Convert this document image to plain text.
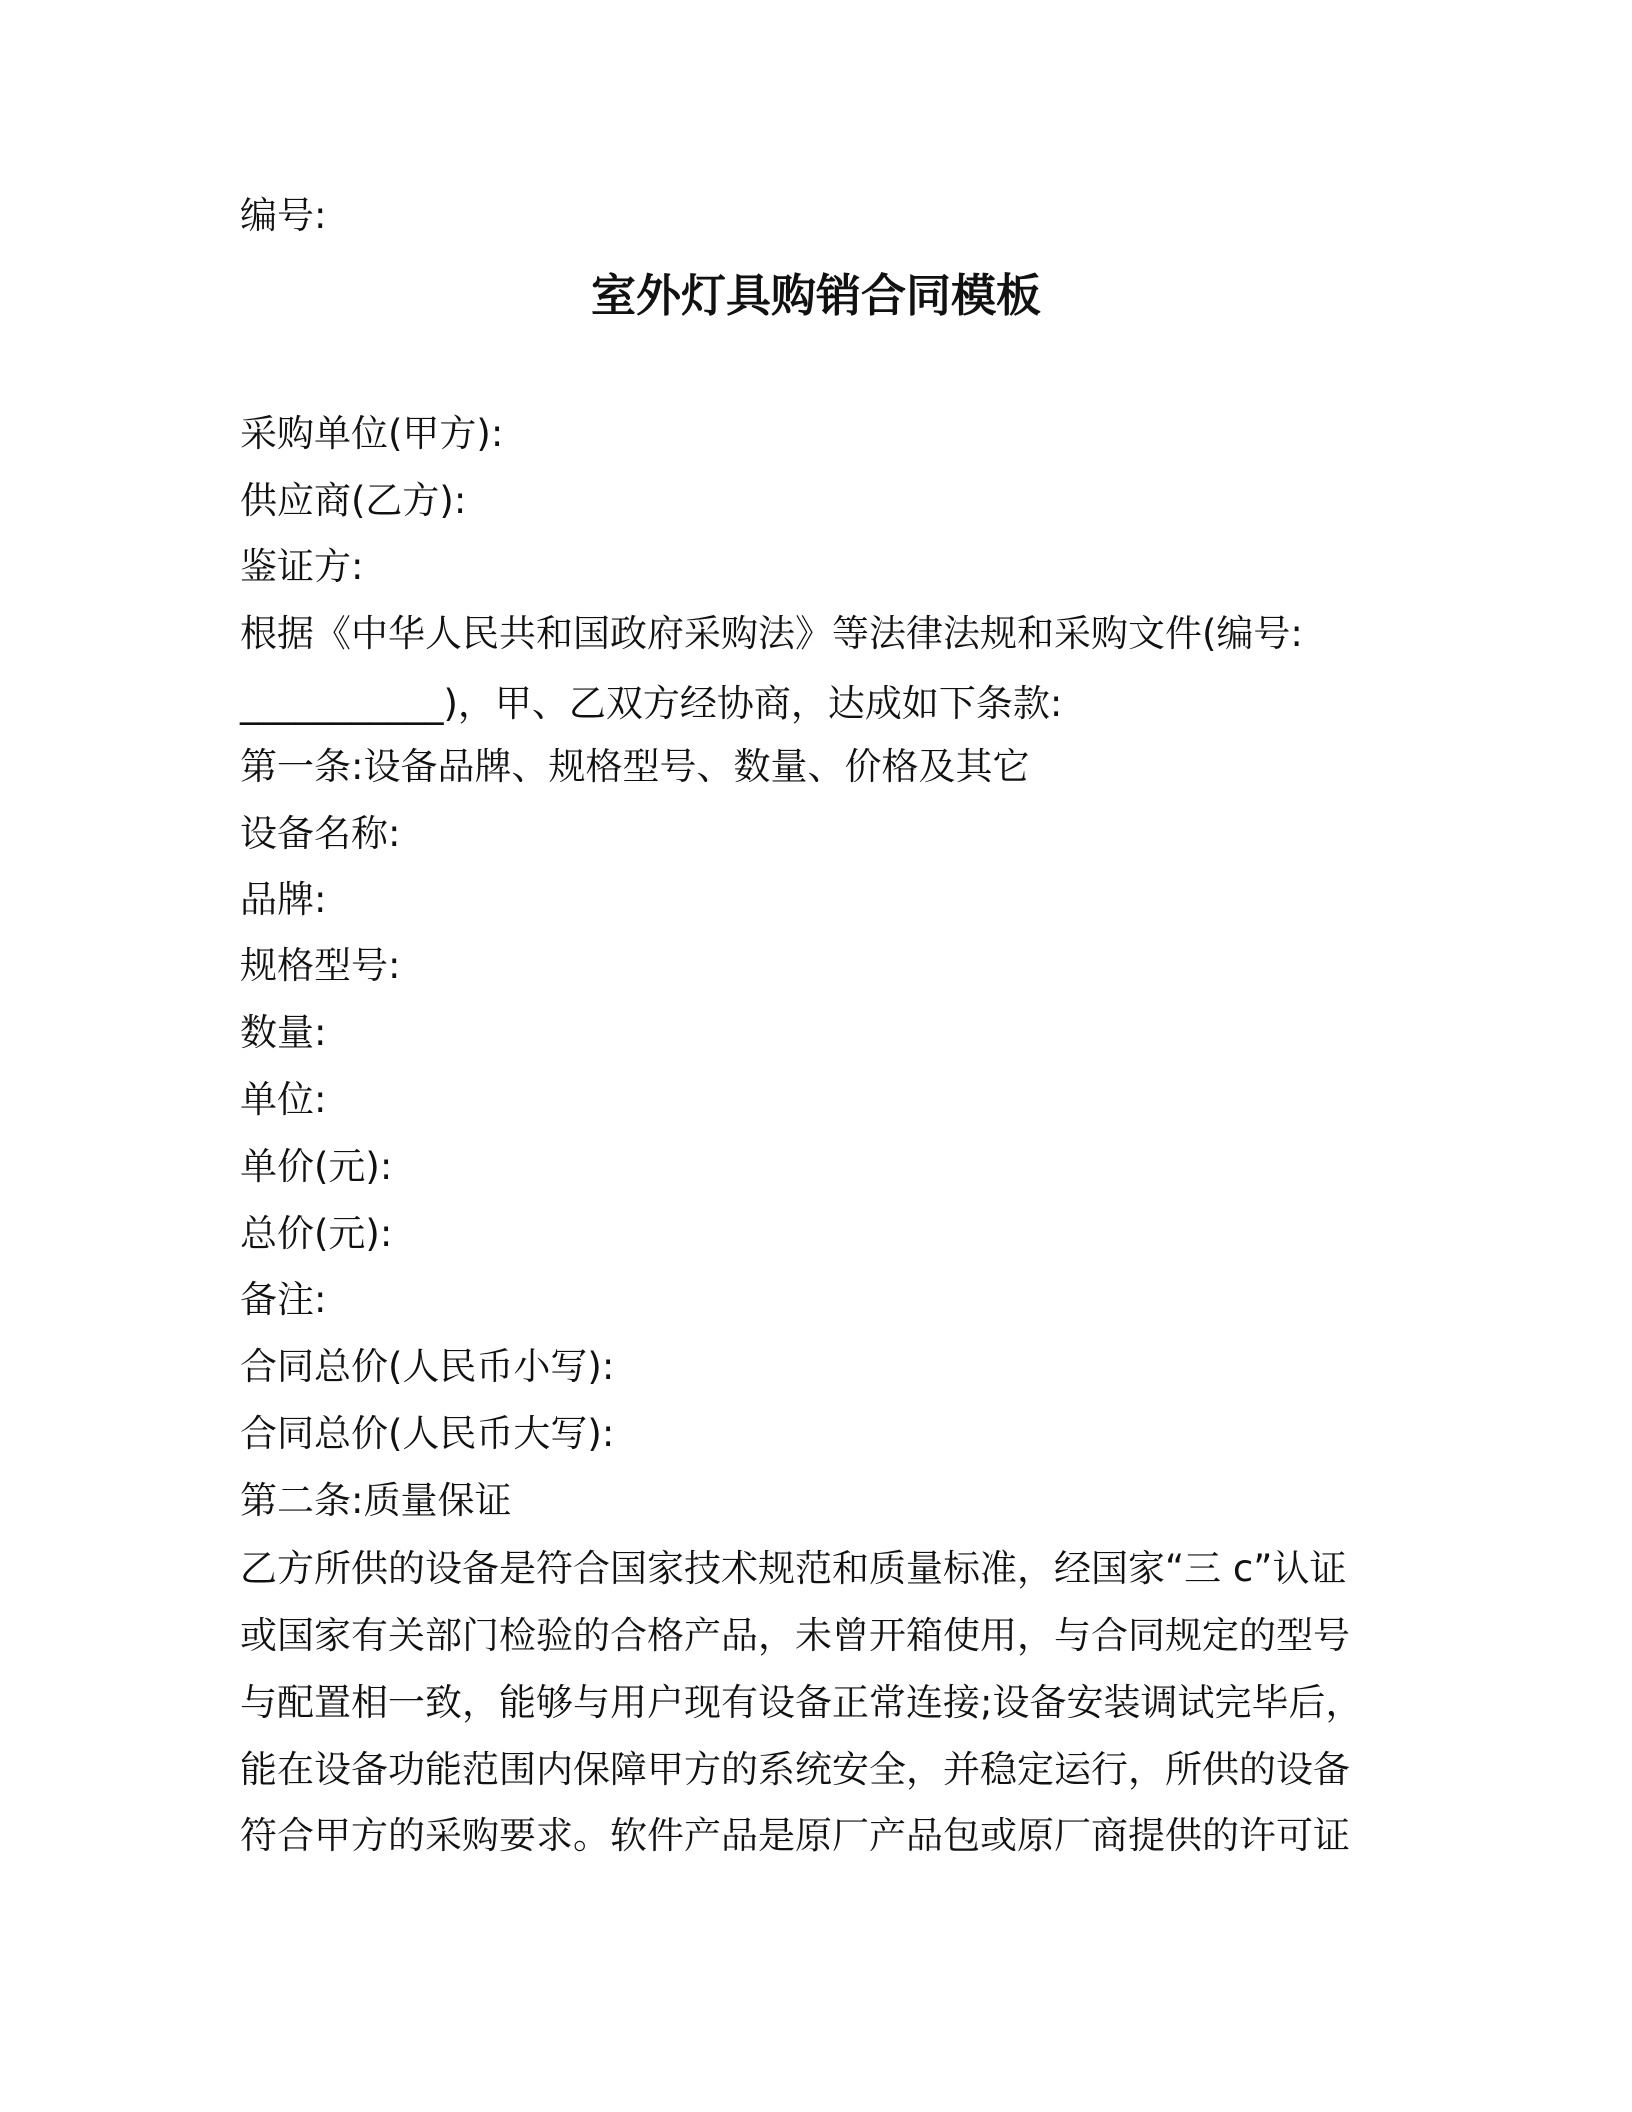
编号:
室外灯具购销合同模板
采购单位(甲方):
供应商(乙方):
鉴证方:
根据《中华人民共和国政府采购法》等法律法规和采购文件(编号:
___________)，甲、乙双方经协商，达成如下条款:
第一条:设备品牌、规格型号、数量、价格及其它
设备名称:
品牌:
规格型号:
数量:
单位:
单价(元):
总价(元):
备注:
合同总价(人民币小写):
合同总价(人民币大写):
第二条:质量保证
乙方所供的设备是符合国家技术规范和质量标准，经国家“三 c”认证
或国家有关部门检验的合格产品，未曾开箱使用，与合同规定的型号
与配置相一致，能够与用户现有设备正常连接;设备安装调试完毕后，
能在设备功能范围内保障甲方的系统安全，并稳定运行，所供的设备
符合甲方的采购要求。软件产品是原厂产品包或原厂商提供的许可证
